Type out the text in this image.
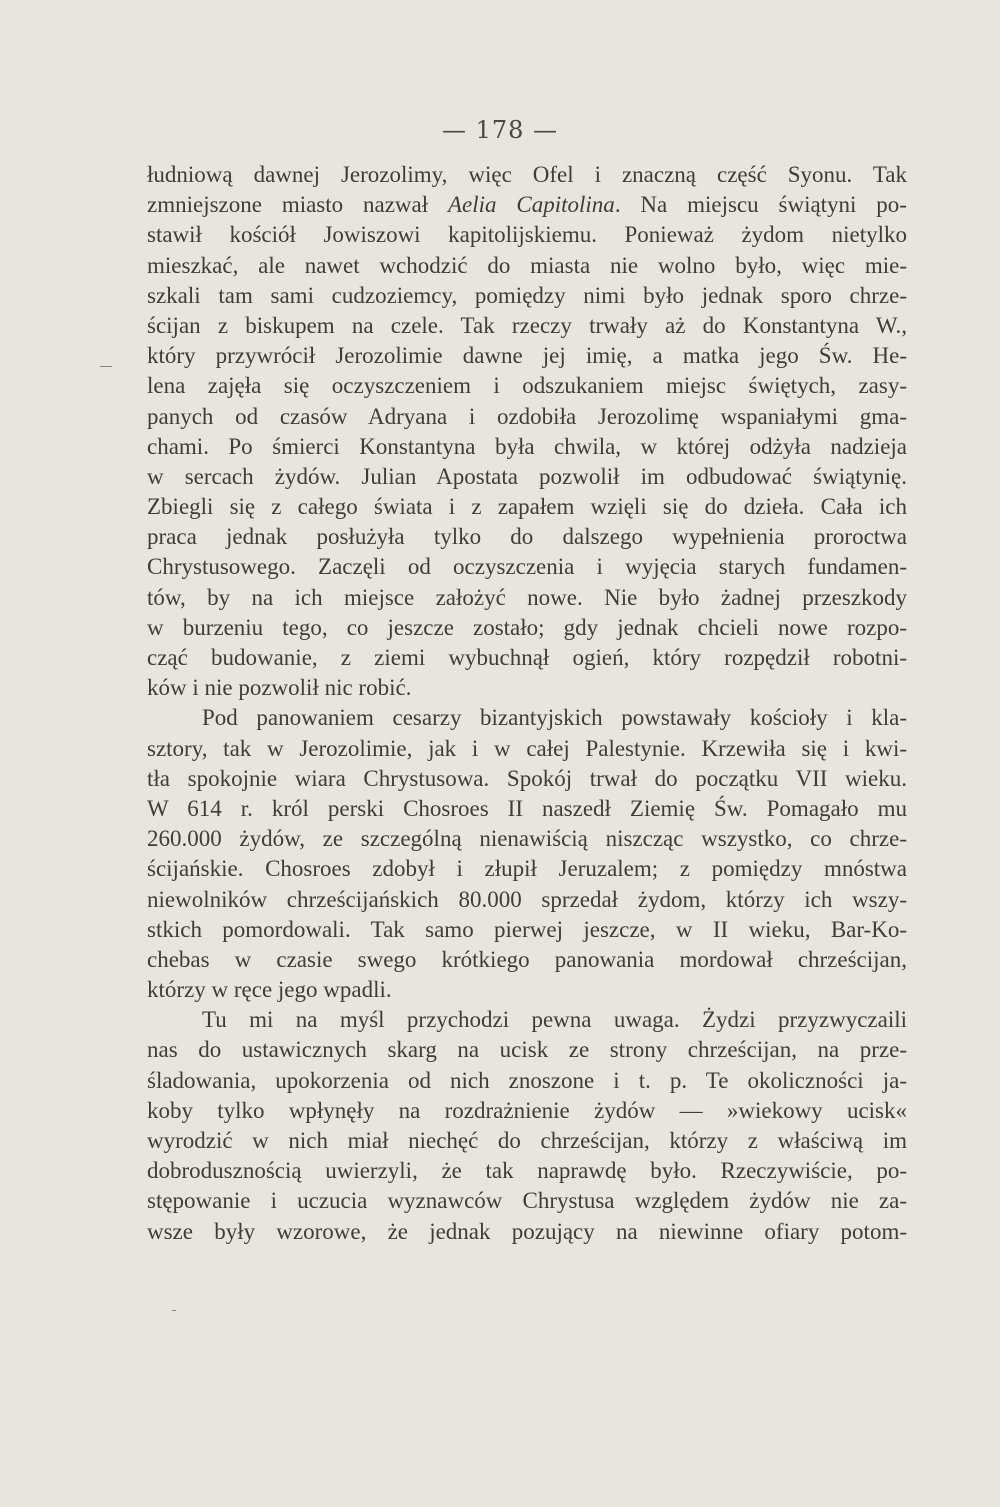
— 178 —
łudniową dawnej Jerozolimy, więc Ofel i znaczną część Syonu. Tak
zmniejszone miasto nazwał Aelia Capitolina. Na miejscu świątyni po-
stawił kościół Jowiszowi kapitolijskiemu. Ponieważ żydom nietylko
mieszkać, ale nawet wchodzić do miasta nie wolno było, więc mie-
szkali tam sami cudzoziemcy, pomiędzy nimi było jednak sporo chrze-
ścijan z biskupem na czele. Tak rzeczy trwały aż do Konstantyna W.,
który przywrócił Jerozolimie dawne jej imię, a matka jego Św. He-
lena zajęła się oczyszczeniem i odszukaniem miejsc świętych, zasy-
panych od czasów Adryana i ozdobiła Jerozolimę wspaniałymi gma-
chami. Po śmierci Konstantyna była chwila, w której odżyła nadzieja
w sercach żydów. Julian Apostata pozwolił im odbudować świątynię.
Zbiegli się z całego świata i z zapałem wzięli się do dzieła. Cała ich
praca jednak posłużyła tylko do dalszego wypełnienia proroctwa
Chrystusowego. Zaczęli od oczyszczenia i wyjęcia starych fundamen-
tów, by na ich miejsce założyć nowe. Nie było żadnej przeszkody
w burzeniu tego, co jeszcze zostało; gdy jednak chcieli nowe rozpo-
cząć budowanie, z ziemi wybuchnął ogień, który rozpędził robotni-
ków i nie pozwolił nic robić.
Pod panowaniem cesarzy bizantyjskich powstawały kościoły i kla-
sztory, tak w Jerozolimie, jak i w całej Palestynie. Krzewiła się i kwi-
tła spokojnie wiara Chrystusowa. Spokój trwał do początku VII wieku.
W 614 r. król perski Chosroes II naszedł Ziemię Św. Pomagało mu
260.000 żydów, ze szczególną nienawiścią niszcząc wszystko, co chrze-
ścijańskie. Chosroes zdobył i złupił Jeruzalem; z pomiędzy mnóstwa
niewolników chrześcijańskich 80.000 sprzedał żydom, którzy ich wszy-
stkich pomordowali. Tak samo pierwej jeszcze, w II wieku, Bar-Ko-
chebas w czasie swego krótkiego panowania mordował chrześcijan,
którzy w ręce jego wpadli.
Tu mi na myśl przychodzi pewna uwaga. Żydzi przyzwyczaili
nas do ustawicznych skarg na ucisk ze strony chrześcijan, na prze-
śladowania, upokorzenia od nich znoszone i t. p. Te okoliczności ja-
koby tylko wpłynęły na rozdrażnienie żydów — »wiekowy ucisk«
wyrodzić w nich miał niechęć do chrześcijan, którzy z właściwą im
dobrodusznością uwierzyli, że tak naprawdę było. Rzeczywiście, po-
stępowanie i uczucia wyznawców Chrystusa względem żydów nie za-
wsze były wzorowe, że jednak pozujący na niewinne ofiary potom-
